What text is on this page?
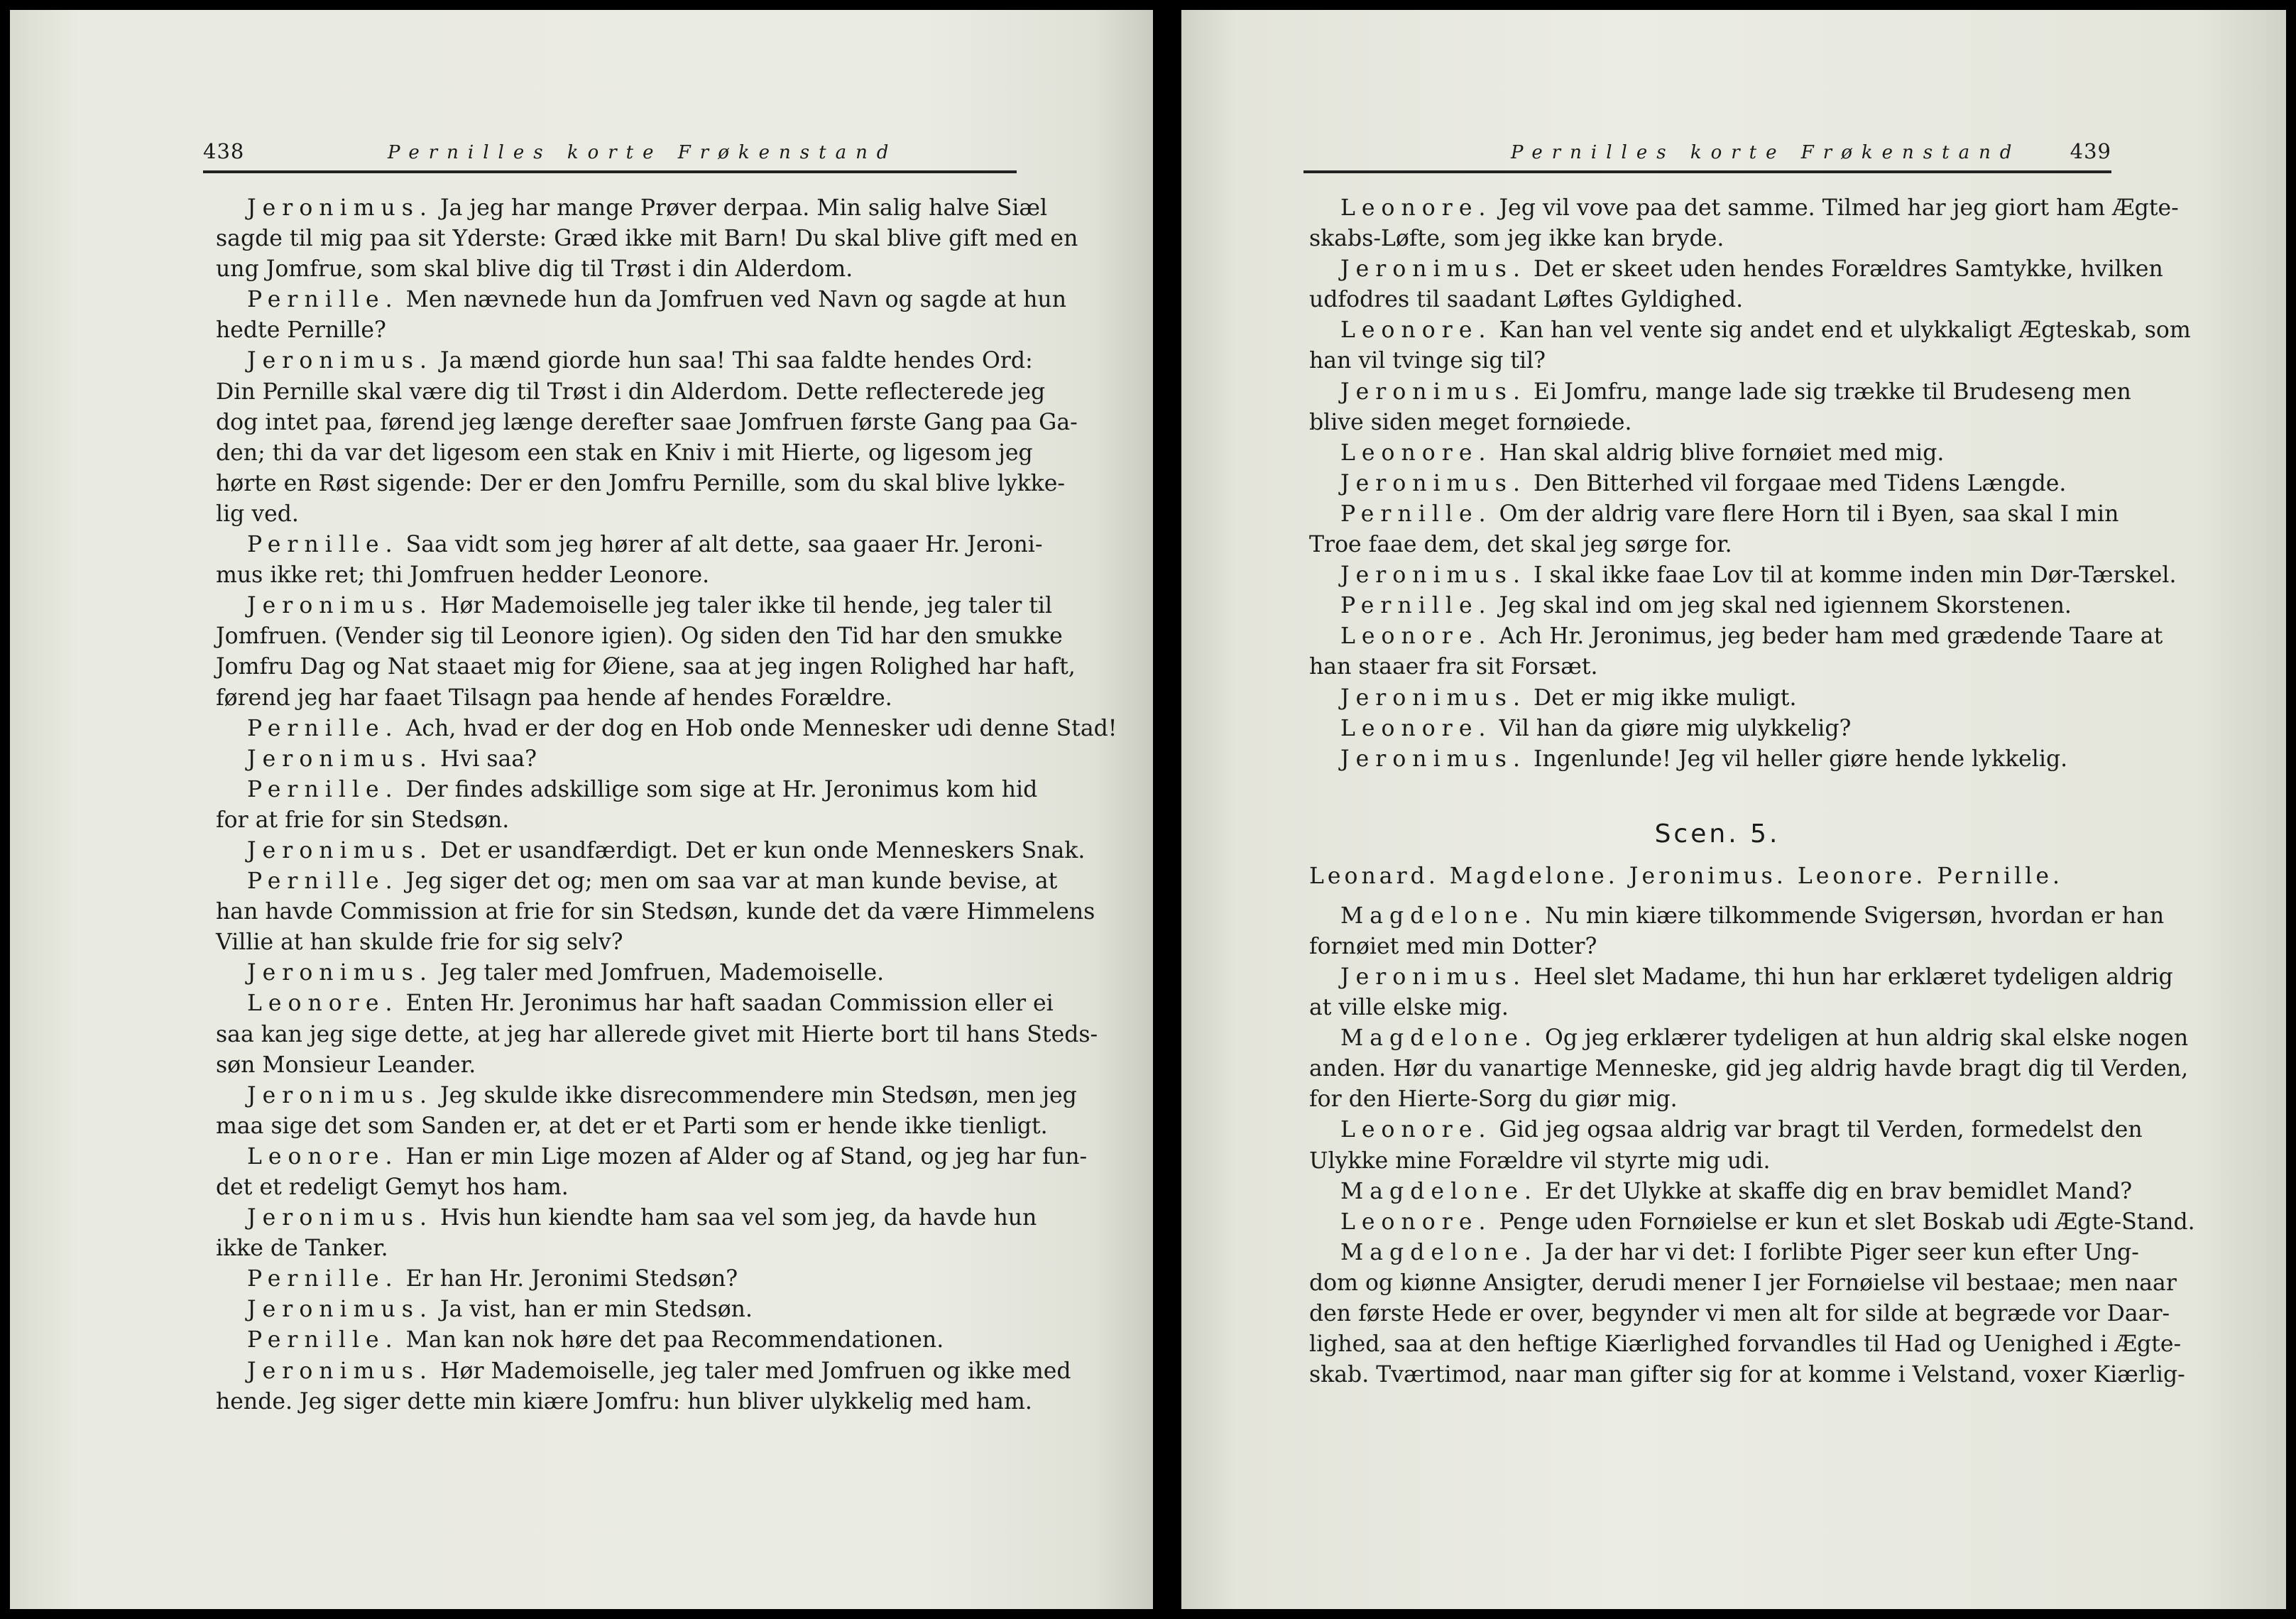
438	Pernilles korte Frøkenstand
Jeronimus. Ja jeg har mange Prøver derpaa. Min salig halve Siæl
sagde til mig paa sit Yderste: Græd ikke mit Barn! Du skal blive gift med en
ung Jomfrue, som skal blive dig til Trøst i din Alderdom.
Pernille. Men nævnede hun da Jomfruen ved Navn og sagde at hun
hedte Pernille?
Jeronimus. Ja mænd giorde hun saa! Thi saa faldte hendes Ord:
Din Pernille skal være dig til Trøst i din Alderdom. Dette reflecterede jeg
dog intet paa, førend jeg længe derefter saae Jomfruen første Gang paa Ga-
den; thi da var det ligesom een stak en Kniv i mit Hierte, og ligesom jeg
hørte en Røst sigende: Der er den Jomfru Pernille, som du skal blive lykke-
lig ved.
Pernille. Saa vidt som jeg hører af alt dette, saa gaaer Hr. Jeroni-
mus ikke ret; thi Jomfruen hedder Leonore.
Jeronimus. Hør Mademoiselle jeg taler ikke til hende, jeg taler til
Jomfruen. (Vender sig til Leonore igien). Og siden den Tid har den smukke
Jomfru Dag og Nat staaet mig for Øiene, saa at jeg ingen Rolighed har haft,
førend jeg har faaet Tilsagn paa hende af hendes Forældre.
Pernille. Ach, hvad er der dog en Hob onde Mennesker udi denne Stad!
Jeronimus. Hvi saa?
Pernille. Der findes adskillige som sige at Hr. Jeronimus kom hid
for at frie for sin Stedsøn.
Jeronimus. Det er usandfærdigt. Det er kun onde Menneskers Snak.
Pernille. Jeg siger det og; men om saa var at man kunde bevise, at
han havde Commission at frie for sin Stedsøn, kunde det da være Himmelens
Villie at han skulde frie for sig selv?
Jeronimus. Jeg taler med Jomfruen, Mademoiselle.
Leonore. Enten Hr. Jeronimus har haft saadan Commission eller ei
saa kan jeg sige dette, at jeg har allerede givet mit Hierte bort til hans Steds-
søn Monsieur Leander.
Jeronimus. Jeg skulde ikke disrecommendere min Stedsøn, men jeg
maa sige det som Sanden er, at det er et Parti som er hende ikke tienligt.
Leonore. Han er min Lige mozen af Alder og af Stand, og jeg har fun-
det et redeligt Gemyt hos ham.
Jeronimus. Hvis hun kiendte ham saa vel som jeg, da havde hun
ikke de Tanker.
Pernille. Er han Hr. Jeronimi Stedsøn?
Jeronimus. Ja vist, han er min Stedsøn.
Pernille. Man kan nok høre det paa Recommendationen.
Jeronimus. Hør Mademoiselle, jeg taler med Jomfruen og ikke med
hende. Jeg siger dette min kiære Jomfru: hun bliver ulykkelig med ham.
Pernilles korte Frøkenstand 439
Leonore. Jeg vil vove paa det samme. Tilmed har jeg giort ham Ægte-
skabs-Løfte, som jeg ikke kan bryde.
Jeronimus. Det er skeet uden hendes Forældres Samtykke, hvilken
udfodres til saadant Løftes Gyldighed.
Leonore. Kan han vel vente sig andet end et ulykkaligt Ægteskab, som
han vil tvinge sig til?
Jeronimus. Ei Jomfru, mange lade sig trække til Brudeseng men
blive siden meget fornøiede.
Leonore. Han skal aldrig blive fornøiet med mig.
Jeronimus. Den Bitterhed vil forgaae med Tidens Længde.
Pernille. Om der aldrig vare flere Horn til i Byen, saa skal I min
Troe faae dem, det skal jeg sørge for.
Jeronimus. I skal ikke faae Lov til at komme inden min Dør-Tærskel.
Pernille. Jeg skal ind om jeg skal ned igiennem Skorstenen.
Leonore. Ach Hr. Jeronimus, jeg beder ham med grædende Taare at
han staaer fra sit Forsæt.
Jeronimus. Det er mig ikke muligt.
Leonore. Vil han da giøre mig ulykkelig?
Jeronimus. Ingenlunde! Jeg vil heller giøre hende lykkelig.
Scen. 5.
Leonard. Magdelone. Jeronimus. Leonore. Pernille.
Magdelone. Nu min kiære tilkommende Svigersøn, hvordan er han
fornøiet med min Dotter?
Jeronimus. Heel slet Madame, thi hun har erklæret tydeligen aldrig
at ville elske mig.
Magdelone. Og jeg erklærer tydeligen at hun aldrig skal elske nogen
anden. Hør du vanartige Menneske, gid jeg aldrig havde bragt dig til Verden,
for den Hierte-Sorg du giør mig.
Leonore. Gid jeg ogsaa aldrig var bragt til Verden, formedelst den
Ulykke mine Forældre vil styrte mig udi.
Magdelone. Er det Ulykke at skaffe dig en brav bemidlet Mand?
Leonore. Penge uden Fornøielse er kun et slet Boskab udi Ægte-Stand.
Magdelone. Ja der har vi det: I forlibte Piger seer kun efter Ung-
dom og kiønne Ansigter, derudi mener I jer Fornøielse vil bestaae; men naar
den første Hede er over, begynder vi men alt for silde at begræde vor Daar-
lighed, saa at den heftige Kiærlighed forvandles til Had og Uenighed i Ægte-
skab. Tværtimod, naar man gifter sig for at komme i Velstand, voxer Kiærlig-
